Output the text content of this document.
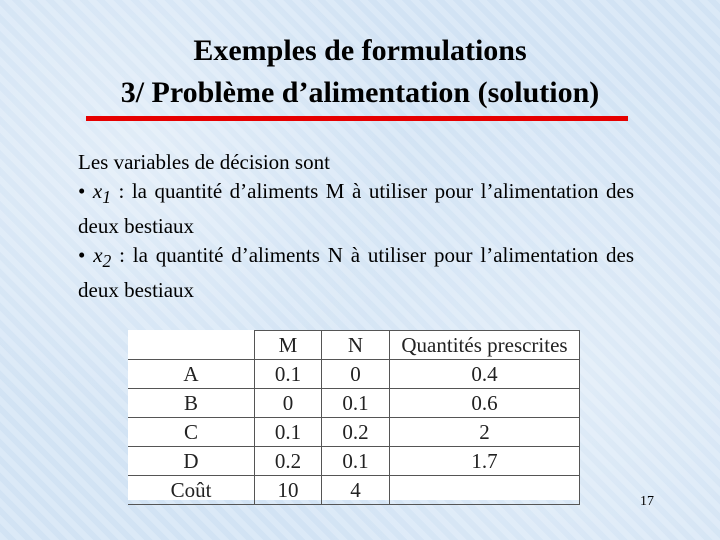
Exemples de formulations
3/ Problème d’alimentation (solution)

Les variables de décision sont

• $x_1$ : la quantité d’aliments M à utiliser pour l’alimentation des deux bestiaux

• $x_2$ : la quantité d’aliments N à utiliser pour l’alimentation des deux bestiaux

	M	N	Quantités prescrites
A	0.1	0	0.4
B	0	0.1	0.6
C	0.1	0.2	2
D	0.2	0.1	1.7
Coût	10	4		17
